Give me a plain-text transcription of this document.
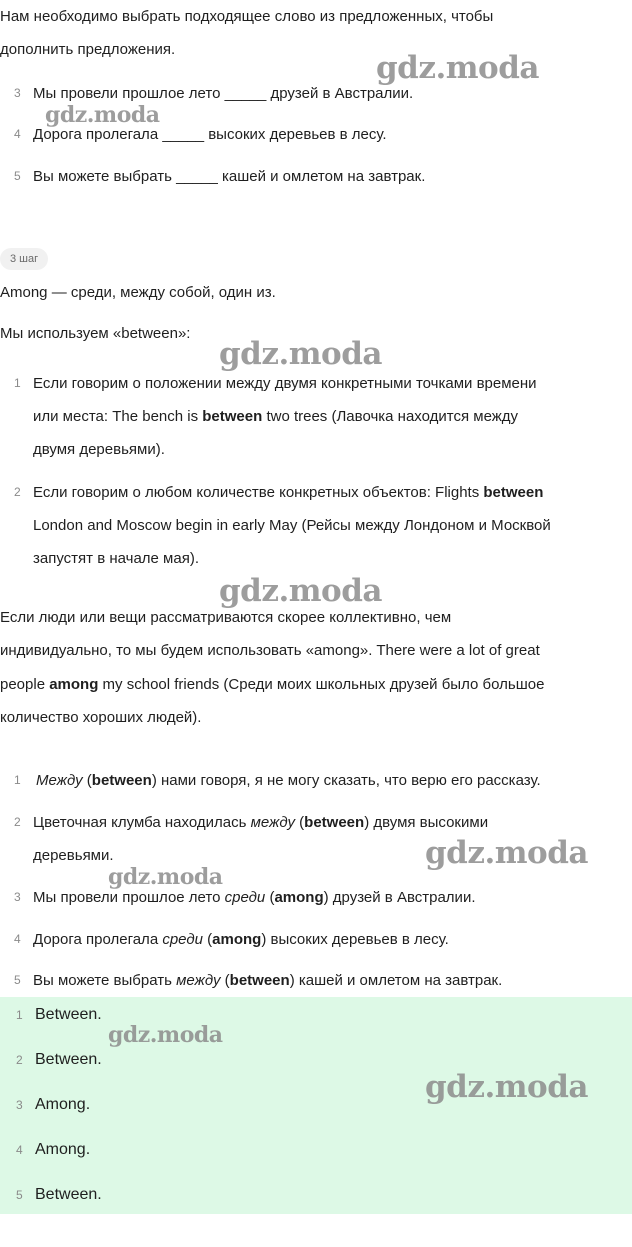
Нам необходимо выбрать подходящее слово из предложенных, чтобы

дополнить предложения.

3 Мы провели прошлое лето _____ друзей в Австралии.
4 Дорога пролегала _____ высоких деревьев в лесу.
5 Вы можете выбрать _____ кашей и омлетом на завтрак.
3 шаг

Among — среди, между собой, один из.

Мы используем «between»:

1 Если говорим о положении между двумя конкретными точками времени
или места: The bench is between two trees (Лавочка находится между
двумя деревьями).
2 Если говорим о любом количестве конкретных объектов: Flights between
London and Moscow begin in early May (Рейсы между Лондоном и Москвой
запустят в начале мая).

Если люди или вещи рассматриваются скорее коллективно, чем

индивидуально, то мы будем использовать «among». There were a lot of great

people among my school friends (Среди моих школьных друзей было большое

количество хороших людей).

1	Между (between) нами говоря, я не могу сказать, что верю его рассказу.
2 Цветочная клумба находилась между (between) двумя высокими
деревьями.
3 Мы провели прошлое лето среди (among) друзей в Австралии.
4 Дорога пролегала среди (among) высоких деревьев в лесу.
5 Вы можете выбрать между (between) кашей и омлетом на завтрак.
1 Between.
2 Between.
3 Among.
4 Among.
5 Between.
gdz.moda
gdz.moda
gdz.moda
gdz.moda
gdz.moda
gdz.moda
gdz.moda
gdz.moda
